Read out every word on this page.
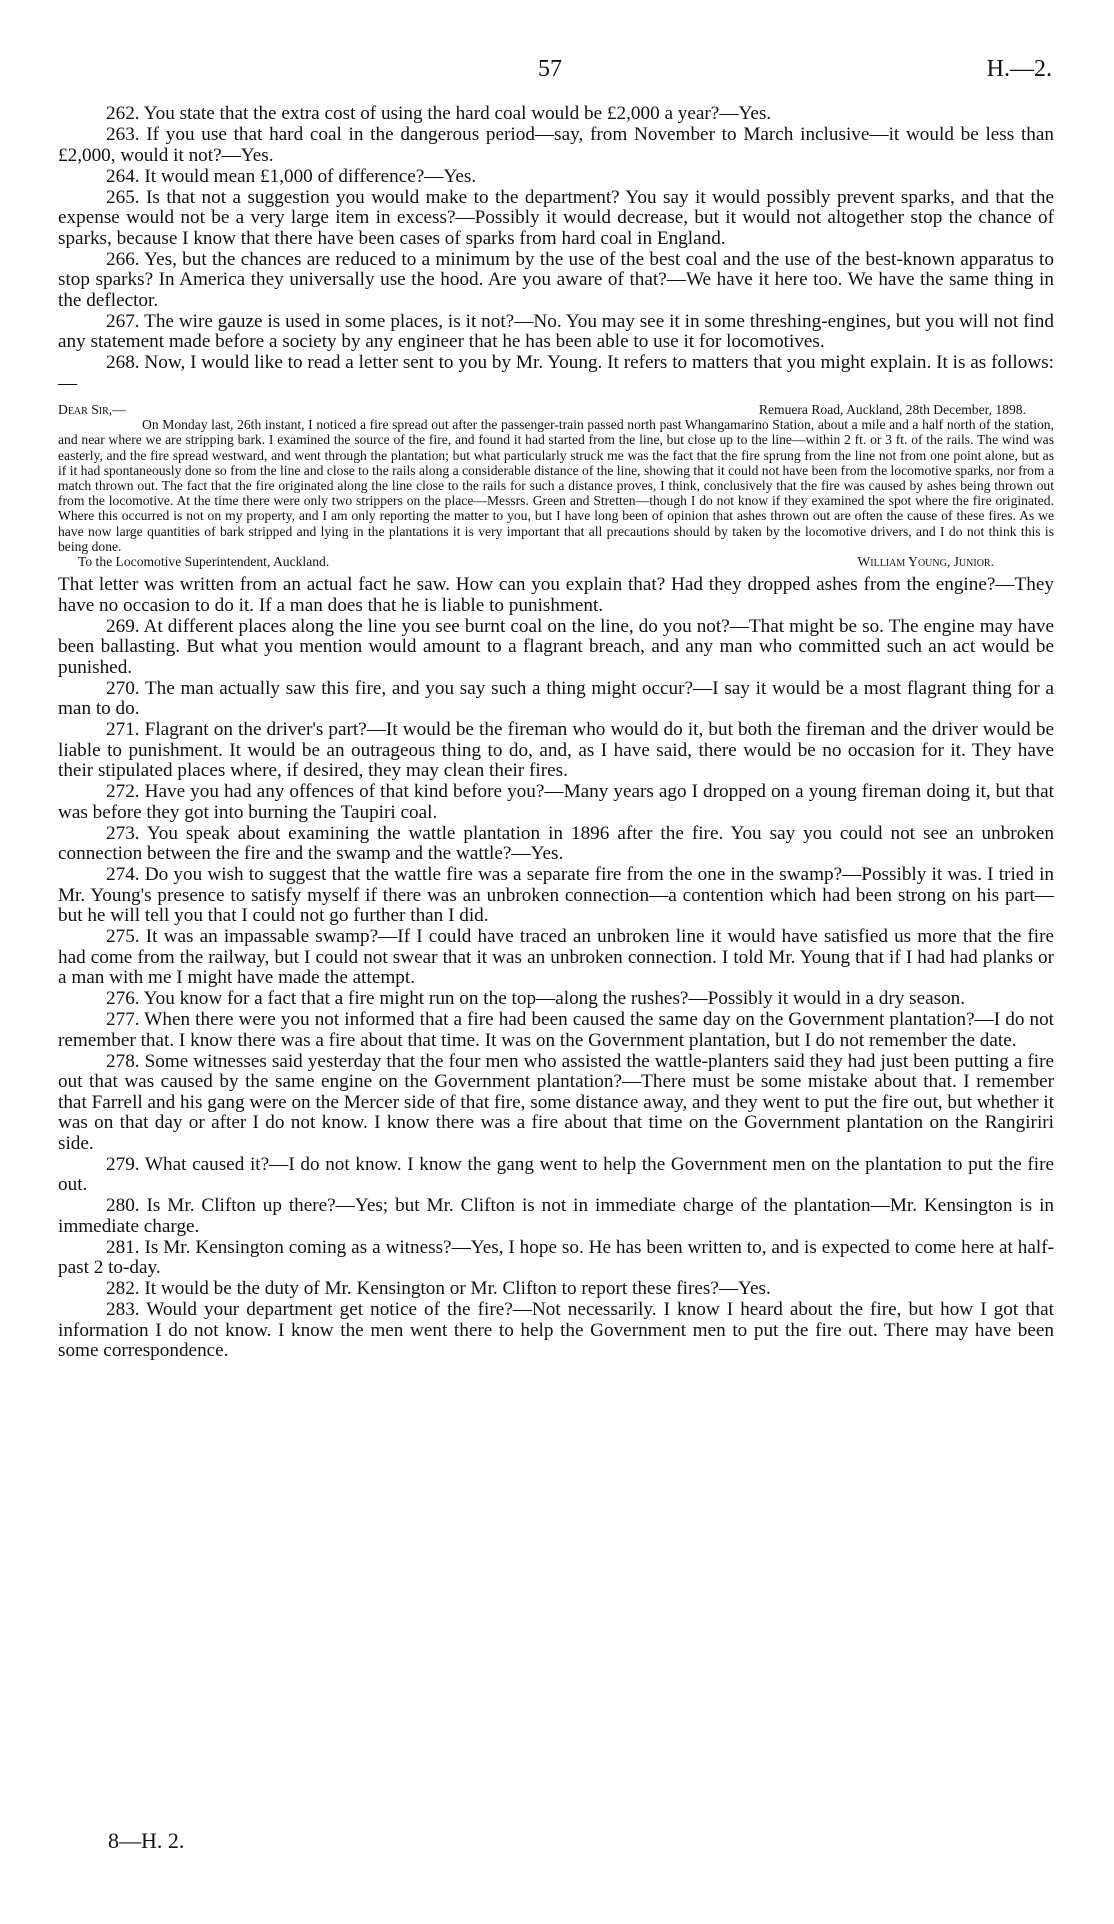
57	H.—2.

262. You state that the extra cost of using the hard coal would be £2,000 a year?—Yes.

263. If you use that hard coal in the dangerous period—say, from November to March inclusive—it would be less than £2,000, would it not?—Yes.

264. It would mean £1,000 of difference?—Yes.

265. Is that not a suggestion you would make to the department? You say it would possibly prevent sparks, and that the expense would not be a very large item in excess?—Possibly it would decrease, but it would not altogether stop the chance of sparks, because I know that there have been cases of sparks from hard coal in England.

266. Yes, but the chances are reduced to a minimum by the use of the best coal and the use of the best-known apparatus to stop sparks? In America they universally use the hood. Are you aware of that?—We have it here too. We have the same thing in the deflector.

267. The wire gauze is used in some places, is it not?—No. You may see it in some threshing-engines, but you will not find any statement made before a society by any engineer that he has been able to use it for locomotives.

268. Now, I would like to read a letter sent to you by Mr. Young. It refers to matters that you might explain. It is as follows:—

Dear Sir,—	Remuera Road, Auckland, 28th December, 1898.

On Monday last, 26th instant, I noticed a fire spread out after the passenger-train passed north past Whangamarino Station, about a mile and a half north of the station, and near where we are stripping bark. I examined the source of the fire, and found it had started from the line, but close up to the line—within 2 ft. or 3 ft. of the rails. The wind was easterly, and the fire spread westward, and went through the plantation; but what particularly struck me was the fact that the fire sprung from the line not from one point alone, but as if it had spontaneously done so from the line and close to the rails along a considerable distance of the line, showing that it could not have been from the locomotive sparks, nor from a match thrown out. The fact that the fire originated along the line close to the rails for such a distance proves, I think, conclusively that the fire was caused by ashes being thrown out from the locomotive. At the time there were only two strippers on the place—Messrs. Green and Stretten—though I do not know if they examined the spot where the fire originated. Where this occurred is not on my property, and I am only reporting the matter to you, but I have long been of opinion that ashes thrown out are often the cause of these fires. As we have now large quantities of bark stripped and lying in the plantations it is very important that all precautions should by taken by the locomotive drivers, and I do not think this is being done.

To the Locomotive Superintendent, Auckland.	William Young, Junior.

That letter was written from an actual fact he saw. How can you explain that? Had they dropped ashes from the engine?—They have no occasion to do it. If a man does that he is liable to punishment.

269. At different places along the line you see burnt coal on the line, do you not?—That might be so. The engine may have been ballasting. But what you mention would amount to a flagrant breach, and any man who committed such an act would be punished.

270. The man actually saw this fire, and you say such a thing might occur?—I say it would be a most flagrant thing for a man to do.

271. Flagrant on the driver's part?—It would be the fireman who would do it, but both the fireman and the driver would be liable to punishment. It would be an outrageous thing to do, and, as I have said, there would be no occasion for it. They have their stipulated places where, if desired, they may clean their fires.

272. Have you had any offences of that kind before you?—Many years ago I dropped on a young fireman doing it, but that was before they got into burning the Taupiri coal.

273. You speak about examining the wattle plantation in 1896 after the fire. You say you could not see an unbroken connection between the fire and the swamp and the wattle?—Yes.

274. Do you wish to suggest that the wattle fire was a separate fire from the one in the swamp?—Possibly it was. I tried in Mr. Young's presence to satisfy myself if there was an unbroken connection—a contention which had been strong on his part—but he will tell you that I could not go further than I did.

275. It was an impassable swamp?—If I could have traced an unbroken line it would have satisfied us more that the fire had come from the railway, but I could not swear that it was an unbroken connection. I told Mr. Young that if I had had planks or a man with me I might have made the attempt.

276. You know for a fact that a fire might run on the top—along the rushes?—Possibly it would in a dry season.

277. When there were you not informed that a fire had been caused the same day on the Government plantation?—I do not remember that. I know there was a fire about that time. It was on the Government plantation, but I do not remember the date.

278. Some witnesses said yesterday that the four men who assisted the wattle-planters said they had just been putting a fire out that was caused by the same engine on the Government plantation?—There must be some mistake about that. I remember that Farrell and his gang were on the Mercer side of that fire, some distance away, and they went to put the fire out, but whether it was on that day or after I do not know. I know there was a fire about that time on the Government plantation on the Rangiriri side.

279. What caused it?—I do not know. I know the gang went to help the Government men on the plantation to put the fire out.

280. Is Mr. Clifton up there?—Yes; but Mr. Clifton is not in immediate charge of the plantation—Mr. Kensington is in immediate charge.

281. Is Mr. Kensington coming as a witness?—Yes, I hope so. He has been written to, and is expected to come here at half-past 2 to-day.

282. It would be the duty of Mr. Kensington or Mr. Clifton to report these fires?—Yes.

283. Would your department get notice of the fire?—Not necessarily. I know I heard about the fire, but how I got that information I do not know. I know the men went there to help the Government men to put the fire out. There may have been some correspondence.

8—H. 2.
